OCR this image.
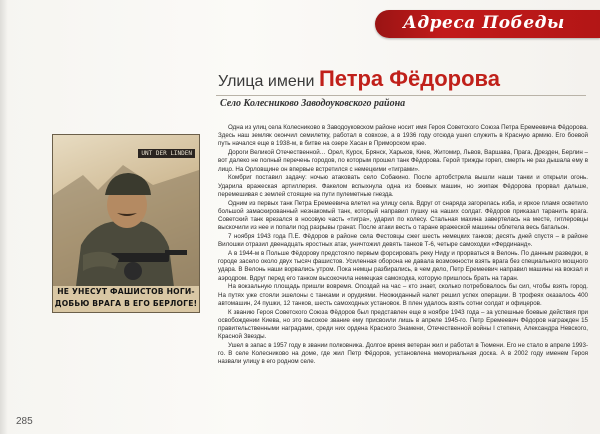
Адреса Победы
Улица имени Петра Фёдорова
Село Колесниково Заводоуковского района
UNT DER LINDEN
НЕ УНЕСУТ ФАШИСТОВ НОГИ-
ДОБЬЮ ВРАГА В ЕГО БЕРЛОГЕ!

Одна из улиц села Колесниково в Заводоуковском районе носит имя Героя Советского Союза Петра Еремеевича Фёдорова. Здесь наш земляк окончил семилетку, работал в совхозе, а в 1936 году отсюда ушел служить в Красную армию. Его боевой путь начался еще в 1938-м, в битве на озере Хасан в Приморском крае.

Дороги Великой Отечественной… Орел, Курск, Брянск, Харьков, Киев, Житомир, Львов, Варшава, Прага, Дрезден, Берлин – вот далеко не полный перечень городов, по которым прошел танк Фёдорова. Герой трижды горел, смерть не раз дышала ему в лицо. На Орловщине он впервые встретился с немецкими «тиграми».

Комбриг поставил задачу: ночью атаковать село Собакино. После артобстрела вышли наши танки и открыли огонь. Ударила вражеская артиллерия. Факелом вспыхнула одна из боевых машин, но экипаж Фёдорова прорвал дальше, перемешивая с землей стоящие на пути пулеметные гнезда.

Одним из первых танк Петра Еремеевича влетел на улицу села. Вдруг от снаряда загорелась изба, и яркое пламя осветило большой замаскированный незнакомый танк, который направил пушку на наших солдат. Фёдоров приказал таранить врага. Советский танк врезался в носовую часть «тигра», ударил по колесу. Стальная махина завертелась на месте, гитлеровцы выскочили из нее и попали под разрывы гранат. После атаки весть о таране вражеской машины облетела весь батальон.

7 ноября 1943 года П.Е. Фёдоров в районе села Фестовцы сжег шесть немецких танков; десять дней спустя – в районе Вилошки отразил двенадцать яростных атак, уничтожил девять танков Т-6, четыре самоходки «Фердинанд».

А в 1944-м в Польше Фёдорову предстояло первым форсировать реку Ниду и прорваться в Велонь. По данным разведки, в городе засело около двух тысяч фашистов. Усиленная оборона не давала возможности взять врага без специального мощного удара. В Велонь наши ворвались утром. Пока немцы разбирались, в чем дело, Петр Еремеевич направил машины на вокзал и аэродром. Вдруг перед его танком высокочила немецкая самоходка, которую пришлось брать на таран.

На вокзальную площадь пришли вовремя. Опоздай на час – кто знает, сколько потребовалось бы сил, чтобы взять город. На путях уже стояли эшелоны с танками и орудиями. Неожиданный налет решил успех операции. В трофеях оказалось 400 автомашин, 24 пушки, 12 танков, шесть самоходных установок. В плен удалось взять сотни солдат и офицеров.

К званию Героя Советского Союза Фёдоров был представлен еще в ноябре 1943 года – за успешные боевые действия при освобождении Киева, но это высокое звание ему присвоили лишь в апреле 1945-го. Петр Еремеевич Фёдоров награжден 15 правительственными наградами, среди них ордена Красного Знамени, Отечественной войны I степени, Александра Невского, Красной Звезды.

Ушел в запас в 1957 году в звании полковника. Долгое время ветеран жил и работал в Тюмени. Его не стало в апреле 1993-го. В селе Колесниково на доме, где жил Петр Фёдоров, установлена мемориальная доска. А в 2002 году именем Героя назвали улицу в его родном селе.

285
